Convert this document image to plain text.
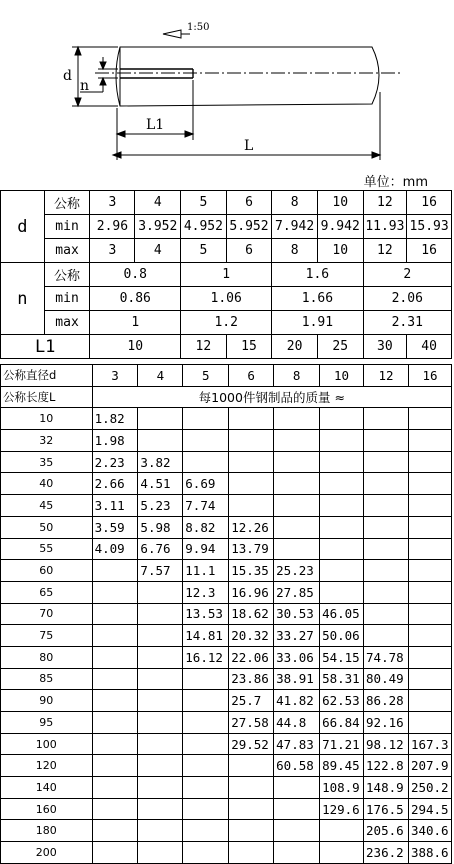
1:50
d
n
L1
L
单位：mm
d	公称	3	4	5	6	8	10	12	16
	min	2.96	3.952	4.952	5.952	7.942	9.942	11.93	15.93
	max	3	4	5	6	8	10	12	16
n	公称	0.8		1		1.6		2	
	min	0.86		1.06		1.66		2.06	
	max	1		1.2		1.91		2.31	
L1		10		12	15	20	25	30	40
公称直径d	3	4	5	6	8	10	12	16
公称长度L	每1000件钢制品的质量 ≈							
10	1.82							
32	1.98							
35	2.23	3.82						
40	2.66	4.51	6.69					
45	3.11	5.23	7.74					
50	3.59	5.98	8.82	12.26				
55	4.09	6.76	9.94	13.79				
60		7.57	11.1	15.35	25.23			
65			12.3	16.96	27.85			
70			13.53	18.62	30.53	46.05		
75			14.81	20.32	33.27	50.06		
80			16.12	22.06	33.06	54.15	74.78	
85				23.86	38.91	58.31	80.49	
90				25.7	41.82	62.53	86.28	
95				27.58	44.8	66.84	92.16	
100				29.52	47.83	71.21	98.12	167.3
120					60.58	89.45	122.8	207.9
140						108.9	148.9	250.2
160						129.6	176.5	294.5
180							205.6	340.6
200							236.2	388.6
